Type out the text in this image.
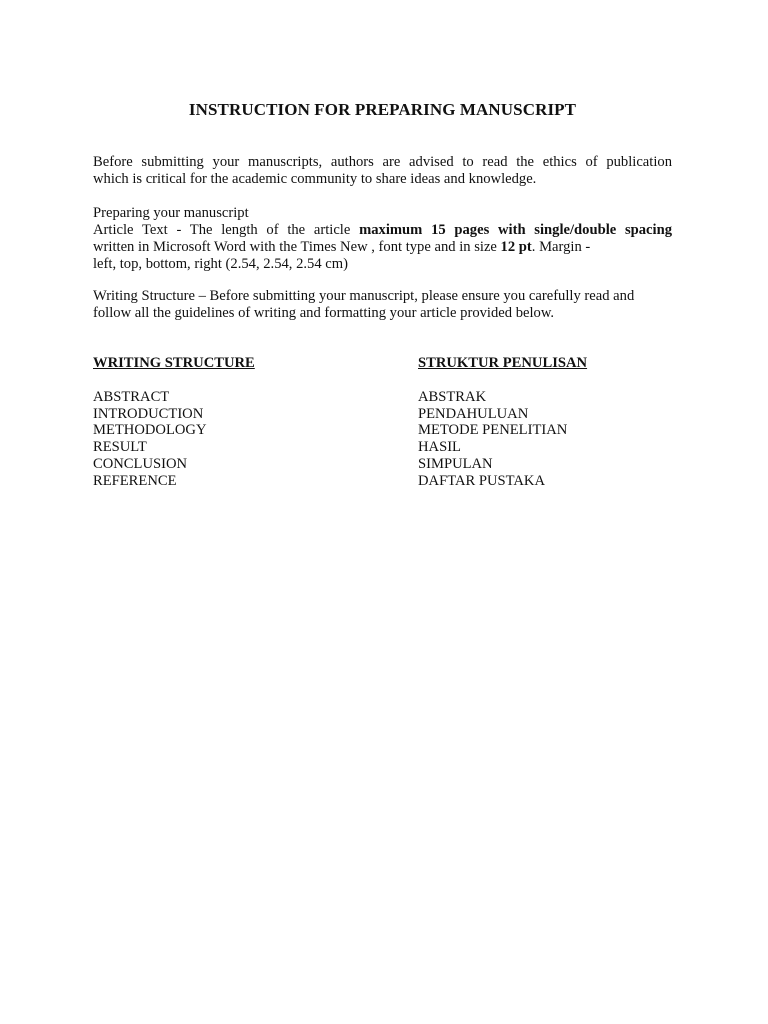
INSTRUCTION FOR PREPARING MANUSCRIPT
Before submitting your manuscripts, authors are advised to read the ethics of publication
which is critical for the academic community to share ideas and knowledge.
Preparing your manuscript
Article Text - The length of the article maximum 15 pages with single/double spacing
written in Microsoft Word with the Times New , font type and in size 12 pt. Margin -
left, top, bottom, right (2.54, 2.54, 2.54 cm)
Writing Structure – Before submitting your manuscript, please ensure you carefully read and
follow all the guidelines of writing and formatting your article provided below.
WRITING STRUCTURE
ABSTRACT
INTRODUCTION
METHODOLOGY
RESULT
CONCLUSION
REFERENCE
STRUKTUR PENULISAN
ABSTRAK
PENDAHULUAN
METODE PENELITIAN
HASIL
SIMPULAN
DAFTAR PUSTAKA
